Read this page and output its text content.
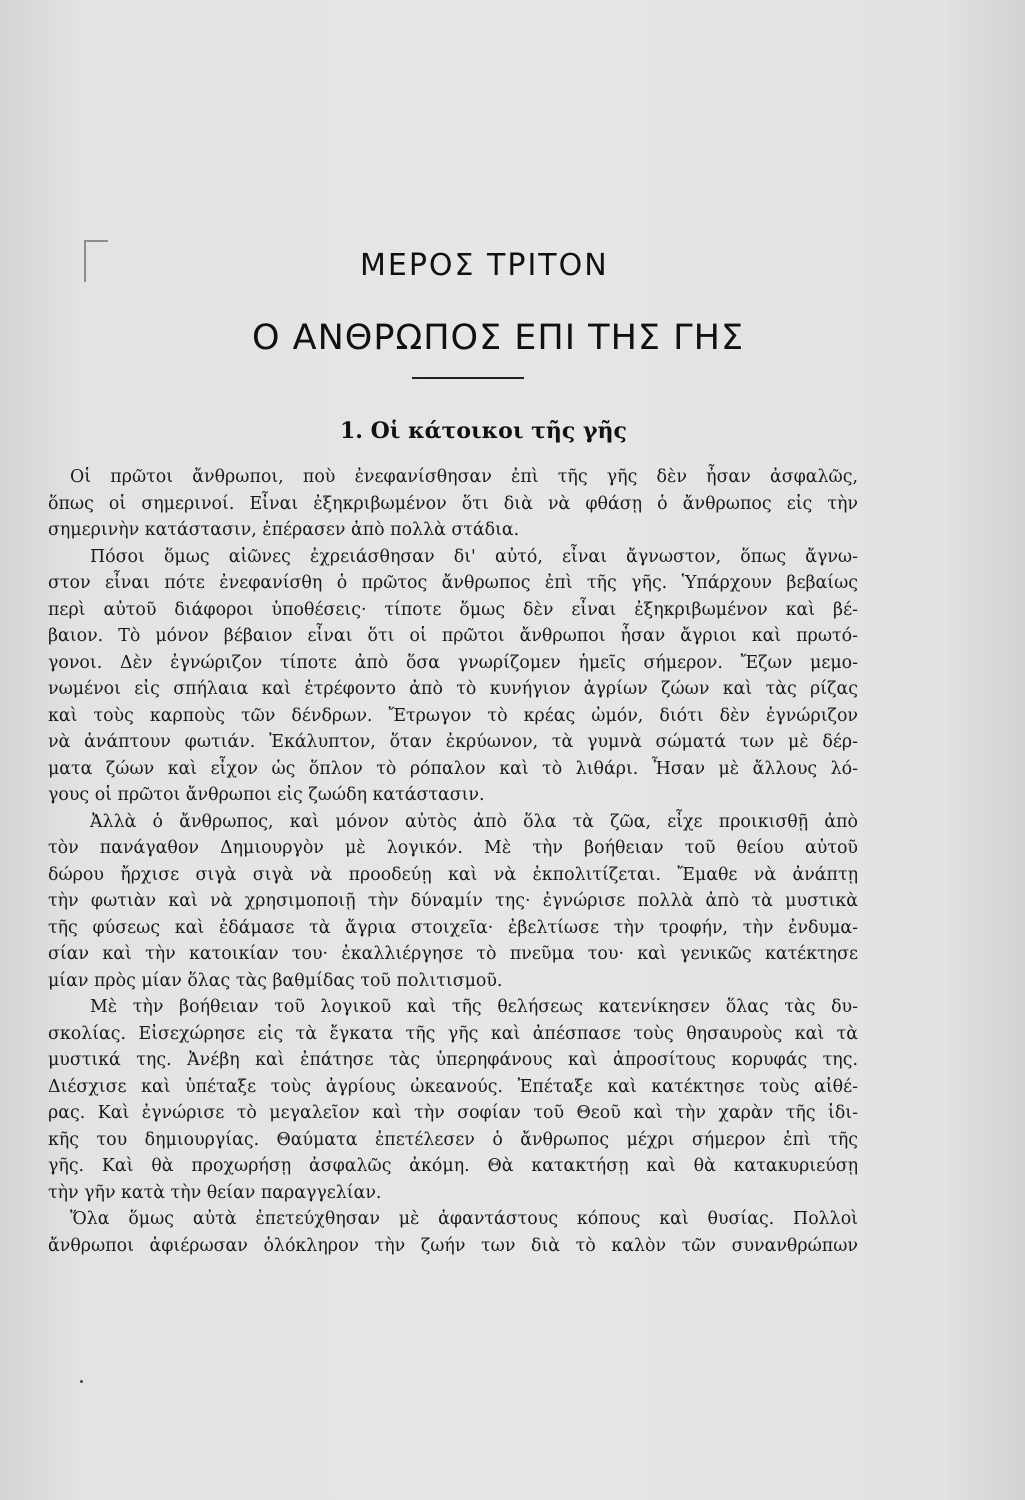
ΜΕΡΟΣ ΤΡΙΤΟΝ
Ο ΑΝΘΡΩΠΟΣ ΕΠΙ ΤΗΣ ΓΗΣ
1. Οἱ κάτοικοι τῆς γῆς
Οἱ πρῶτοι ἄνθρωποι, ποὺ ἐνεφανίσθησαν ἐπὶ τῆς γῆς δὲν ἦσαν ἀσφαλῶς,
ὅπως οἱ σημερινοί. Εἶναι ἐξηκριβωμένον ὅτι διὰ νὰ φθάσῃ ὁ ἄνθρωπος εἰς τὴν
σημερινὴν κατάστασιν, ἐπέρασεν ἀπὸ πολλὰ στάδια.
Πόσοι ὅμως αἰῶνες ἐχρειάσθησαν δι' αὐτό, εἶναι ἄγνωστον, ὅπως ἄγνω-
στον εἶναι πότε ἐνεφανίσθη ὁ πρῶτος ἄνθρωπος ἐπὶ τῆς γῆς. Ὑπάρχουν βεβαίως
περὶ αὐτοῦ διάφοροι ὑποθέσεις· τίποτε ὅμως δὲν εἶναι ἐξηκριβωμένον καὶ βέ-
βαιον. Τὸ μόνον βέβαιον εἶναι ὅτι οἱ πρῶτοι ἄνθρωποι ἦσαν ἄγριοι καὶ πρωτό-
γονοι. Δὲν ἐγνώριζον τίποτε ἀπὸ ὅσα γνωρίζομεν ἡμεῖς σήμερον. Ἔζων μεμο-
νωμένοι εἰς σπήλαια καὶ ἐτρέφοντο ἀπὸ τὸ κυνήγιον ἀγρίων ζώων καὶ τὰς ρίζας
καὶ τοὺς καρποὺς τῶν δένδρων. Ἔτρωγον τὸ κρέας ὠμόν, διότι δὲν ἐγνώριζον
νὰ ἀνάπτουν φωτιάν. Ἐκάλυπτον, ὅταν ἐκρύωνον, τὰ γυμνὰ σώματά των μὲ δέρ-
ματα ζώων καὶ εἶχον ὡς ὅπλον τὸ ρόπαλον καὶ τὸ λιθάρι. Ἦσαν μὲ ἄλλους λό-
γους οἱ πρῶτοι ἄνθρωποι εἰς ζωώδη κατάστασιν.
Ἀλλὰ ὁ ἄνθρωπος, καὶ μόνον αὐτὸς ἀπὸ ὅλα τὰ ζῶα, εἶχε προικισθῇ ἀπὸ
τὸν πανάγαθον Δημιουργὸν μὲ λογικόν. Μὲ τὴν βοήθειαν τοῦ θείου αὐτοῦ
δώρου ἤρχισε σιγὰ σιγὰ νὰ προοδεύῃ καὶ νὰ ἐκπολιτίζεται. Ἔμαθε νὰ ἀνάπτῃ
τὴν φωτιὰν καὶ νὰ χρησιμοποιῇ τὴν δύναμίν της· ἐγνώρισε πολλὰ ἀπὸ τὰ μυστικὰ
τῆς φύσεως καὶ ἐδάμασε τὰ ἄγρια στοιχεῖα· ἐβελτίωσε τὴν τροφήν, τὴν ἐνδυμα-
σίαν καὶ τὴν κατοικίαν του· ἐκαλλιέργησε τὸ πνεῦμα του· καὶ γενικῶς κατέκτησε
μίαν πρὸς μίαν ὅλας τὰς βαθμίδας τοῦ πολιτισμοῦ.
Μὲ τὴν βοήθειαν τοῦ λογικοῦ καὶ τῆς θελήσεως κατενίκησεν ὅλας τὰς δυ-
σκολίας. Εἰσεχώρησε εἰς τὰ ἔγκατα τῆς γῆς καὶ ἀπέσπασε τοὺς θησαυροὺς καὶ τὰ
μυστικά της. Ἀνέβη καὶ ἐπάτησε τὰς ὑπερηφάνους καὶ ἀπροσίτους κορυφάς της.
Διέσχισε καὶ ὑπέταξε τοὺς ἀγρίους ὠκεανούς. Ἐπέταξε καὶ κατέκτησε τοὺς αἰθέ-
ρας. Καὶ ἐγνώρισε τὸ μεγαλεῖον καὶ τὴν σοφίαν τοῦ Θεοῦ καὶ τὴν χαρὰν τῆς ἰδι-
κῆς του δημιουργίας. Θαύματα ἐπετέλεσεν ὁ ἄνθρωπος μέχρι σήμερον ἐπὶ τῆς
γῆς. Καὶ θὰ προχωρήσῃ ἀσφαλῶς ἀκόμη. Θὰ κατακτήσῃ καὶ θὰ κατακυριεύσῃ
τὴν γῆν κατὰ τὴν θείαν παραγγελίαν.
Ὅλα ὅμως αὐτὰ ἐπετεύχθησαν μὲ ἀφαντάστους κόπους καὶ θυσίας. Πολλοὶ
ἄνθρωποι ἀφιέρωσαν ὁλόκληρον τὴν ζωήν των διὰ τὸ καλὸν τῶν συνανθρώπων
